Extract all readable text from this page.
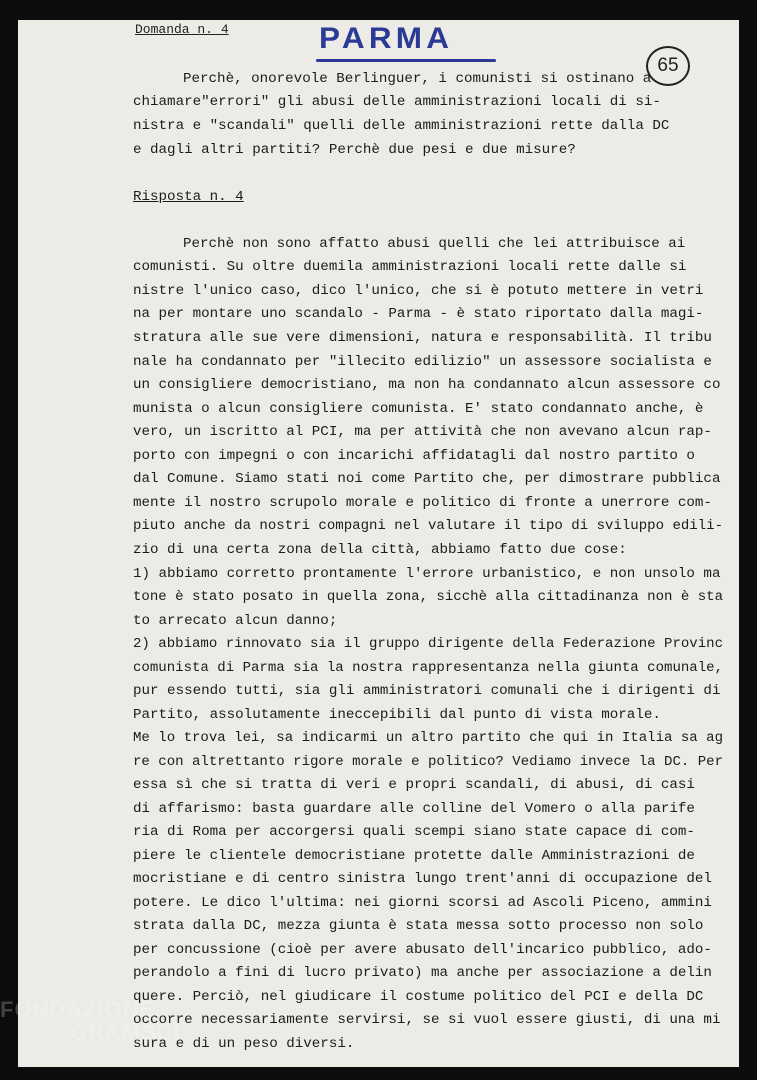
Domanda n. 4	PARMA
65
Perchè, onorevole Berlinguer, i comunisti si ostinano a
chiamare"errori" gli abusi delle amministrazioni locali di si-
nistra e "scandali" quelli delle amministrazioni rette dalla DC
e dagli altri partiti? Perchè due pesi e due misure?
Risposta n. 4
Perchè non sono affatto abusi quelli che lei attribuisce ai
comunisti. Su oltre duemila amministrazioni locali rette dalle si
nistre l'unico caso, dico l'unico, che si è potuto mettere in vetri
na per montare uno scandalo - Parma - è stato riportato dalla magi-
stratura alle sue vere dimensioni, natura e responsabilità. Il tribu
nale ha condannato per "illecito edilizio" un assessore socialista e
un consigliere democristiano, ma non ha condannato alcun assessore co
munista o alcun consigliere comunista. E' stato condannato anche, è
vero, un iscritto al PCI, ma per attività che non avevano alcun rap-
porto con impegni o con incarichi affidatagli dal nostro partito o
dal Comune. Siamo stati noi come Partito che, per dimostrare pubblica
mente il nostro scrupolo morale e politico di fronte a unerrore com-
piuto anche da nostri compagni nel valutare il tipo di sviluppo edili-
zio di una certa zona della città, abbiamo fatto due cose:
1) abbiamo corretto prontamente l'errore urbanistico, e non unsolo ma
tone è stato posato in quella zona, sicchè alla cittadinanza non è sta
to arrecato alcun danno;
2) abbiamo rinnovato sia il gruppo dirigente della Federazione Provinc
comunista di Parma sia la nostra rappresentanza nella giunta comunale,
pur essendo tutti, sia gli amministratori comunali che i dirigenti di
Partito, assolutamente ineccepibili dal punto di vista morale.
Me lo trova lei, sa indicarmi un altro partito che qui in Italia sa ag
re con altrettanto rigore morale e politico? Vediamo invece la DC. Per
essa sì che si tratta di veri e propri scandali, di abusi, di casi
di affarismo: basta guardare alle colline del Vomero o alla parife
ria di Roma per accorgersi quali scempi siano state capace di com-
piere le clientele democristiane protette dalle Amministrazioni de
mocristiane e di centro sinistra lungo trent'anni di occupazione del
potere. Le dico l'ultima: nei giorni scorsi ad Ascoli Piceno, ammini
strata dalla DC, mezza giunta è stata messa sotto processo non solo
per concussione (cioè per avere abusato dell'incarico pubblico, ado-
perandolo a fini di lucro privato) ma anche per associazione a delin
quere. Perciò, nel giudicare il costume politico del PCI e della DC
occorre necessariamente servirsi, se si vuol essere giusti, di una mi
sura e di un peso diversi.
FONDAZIONE
GRAMSCI
